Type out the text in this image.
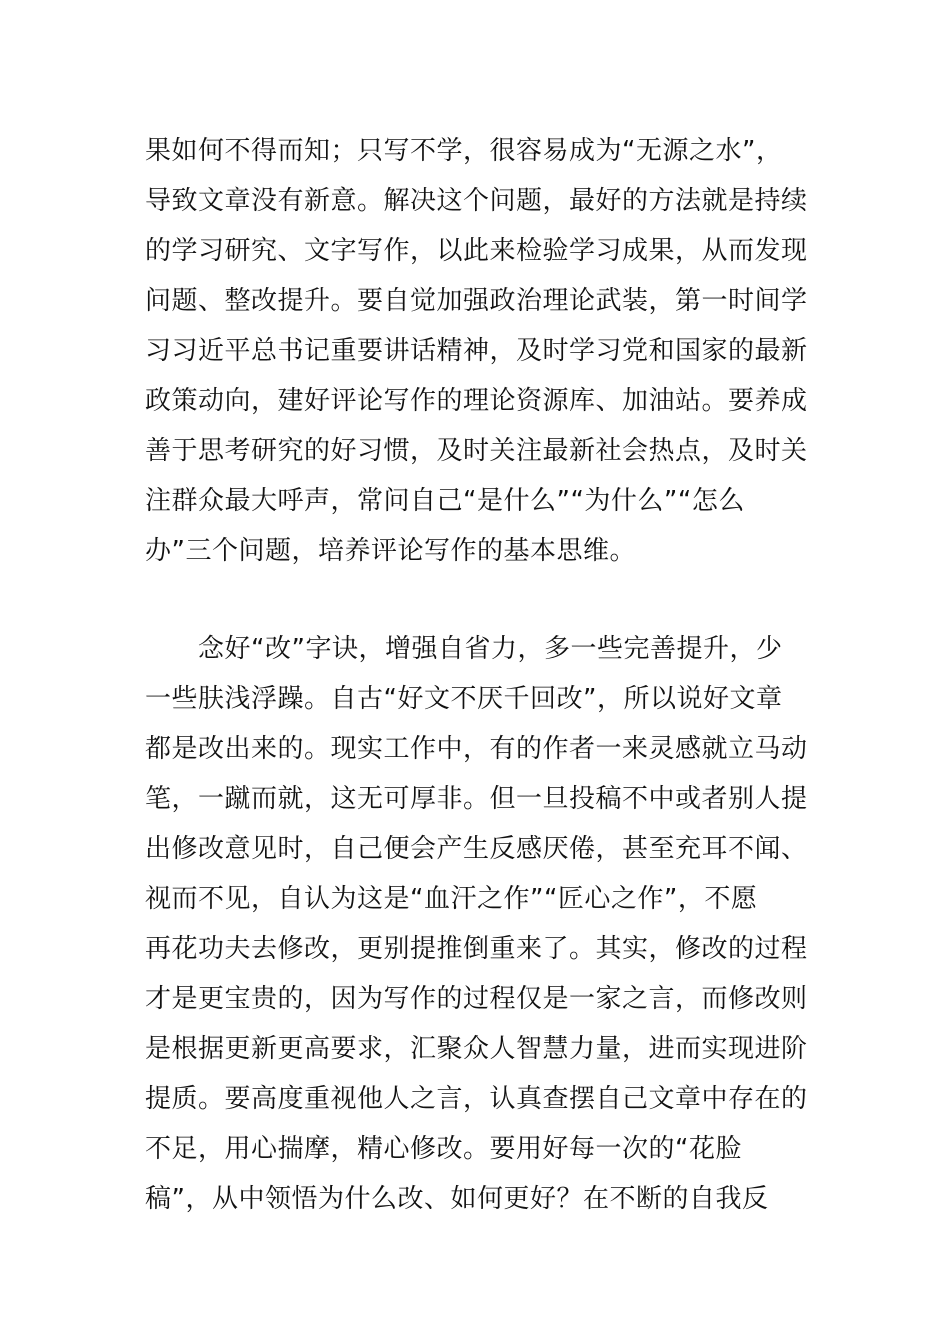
果如何不得而知；只写不学，很容易成为“无源之水”，
导致文章没有新意。解决这个问题，最好的方法就是持续
的学习研究、文字写作，以此来检验学习成果，从而发现
问题、整改提升。要自觉加强政治理论武装，第一时间学
习习近平总书记重要讲话精神，及时学习党和国家的最新
政策动向，建好评论写作的理论资源库、加油站。要养成
善于思考研究的好习惯，及时关注最新社会热点，及时关
注群众最大呼声，常问自己“是什么”“为什么”“怎么
办”三个问题，培养评论写作的基本思维。
　　念好“改”字诀，增强自省力，多一些完善提升，少
一些肤浅浮躁。自古“好文不厌千回改”，所以说好文章
都是改出来的。现实工作中，有的作者一来灵感就立马动
笔，一蹴而就，这无可厚非。但一旦投稿不中或者别人提
出修改意见时，自己便会产生反感厌倦，甚至充耳不闻、
视而不见，自认为这是“血汗之作”“匠心之作”，不愿
再花功夫去修改，更别提推倒重来了。其实，修改的过程
才是更宝贵的，因为写作的过程仅是一家之言，而修改则
是根据更新更高要求，汇聚众人智慧力量，进而实现进阶
提质。要高度重视他人之言，认真查摆自己文章中存在的
不足，用心揣摩，精心修改。要用好每一次的“花脸
稿”，从中领悟为什么改、如何更好？在不断的自我反
